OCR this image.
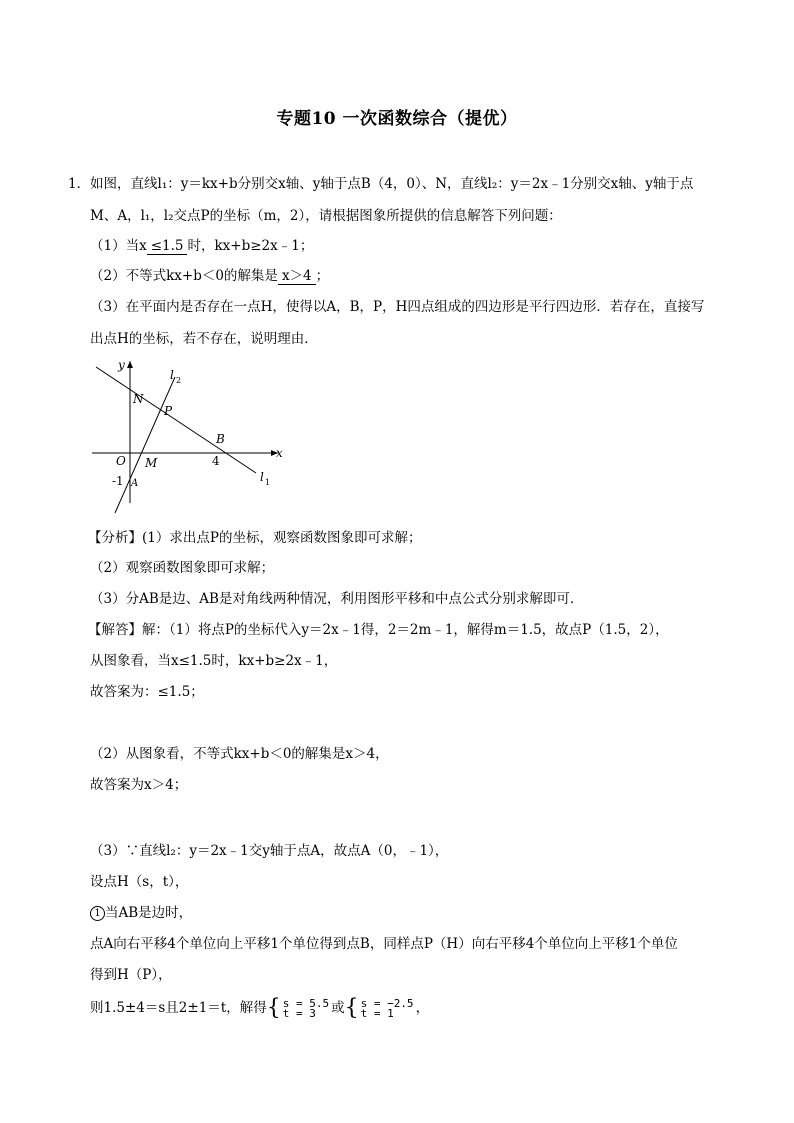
专题10 一次函数综合（提优）
1． 如图，直线l₁：y＝kx+b分别交x轴、y轴于点B（4，0）、N，直线l₂：y＝2x﹣1分别交x轴、y轴于点
M、A，l₁，l₂交点P的坐标（m，2），请根据图象所提供的信息解答下列问题：
（1）当x ≤1.5 时，kx+b≥2x﹣1；
（2）不等式kx+b＜0的解集是 x＞4 ；
（3）在平面内是否存在一点H，使得以A，B，P，H四点组成的四边形是平行四边形．若存在，直接写
出点H的坐标，若不存在，说明理由．
y
x
l 2
l 1
N
P
B
O M	4
-1 A
【分析】(1）求出点P的坐标，观察函数图象即可求解；
（2）观察函数图象即可求解；
（3）分AB是边、AB是对角线两种情况，利用图形平移和中点公式分别求解即可．
【解答】解：（1）将点P的坐标代入y＝2x﹣1得，2＝2m﹣1，解得m＝1.5，故点P（1.5，2），
从图象看，当x≤1.5时，kx+b≥2x﹣1，
故答案为：≤1.5；
（2）从图象看，不等式kx+b＜0的解集是x＞4，
故答案为x＞4；
（3）∵直线l₂：y＝2x﹣1交y轴于点A，故点A（0，﹣1），
设点H（s，t），
1 当AB是边时，
点A向右平移4个单位向上平移1个单位得到点B，同样点P（H）向右平移4个单位向上平移1个单位
得到H（P），
则1.5±4＝s且2±1＝t，解得{ s = 5.5
t = 3 或{ s = −2.5
t = 1 ，
